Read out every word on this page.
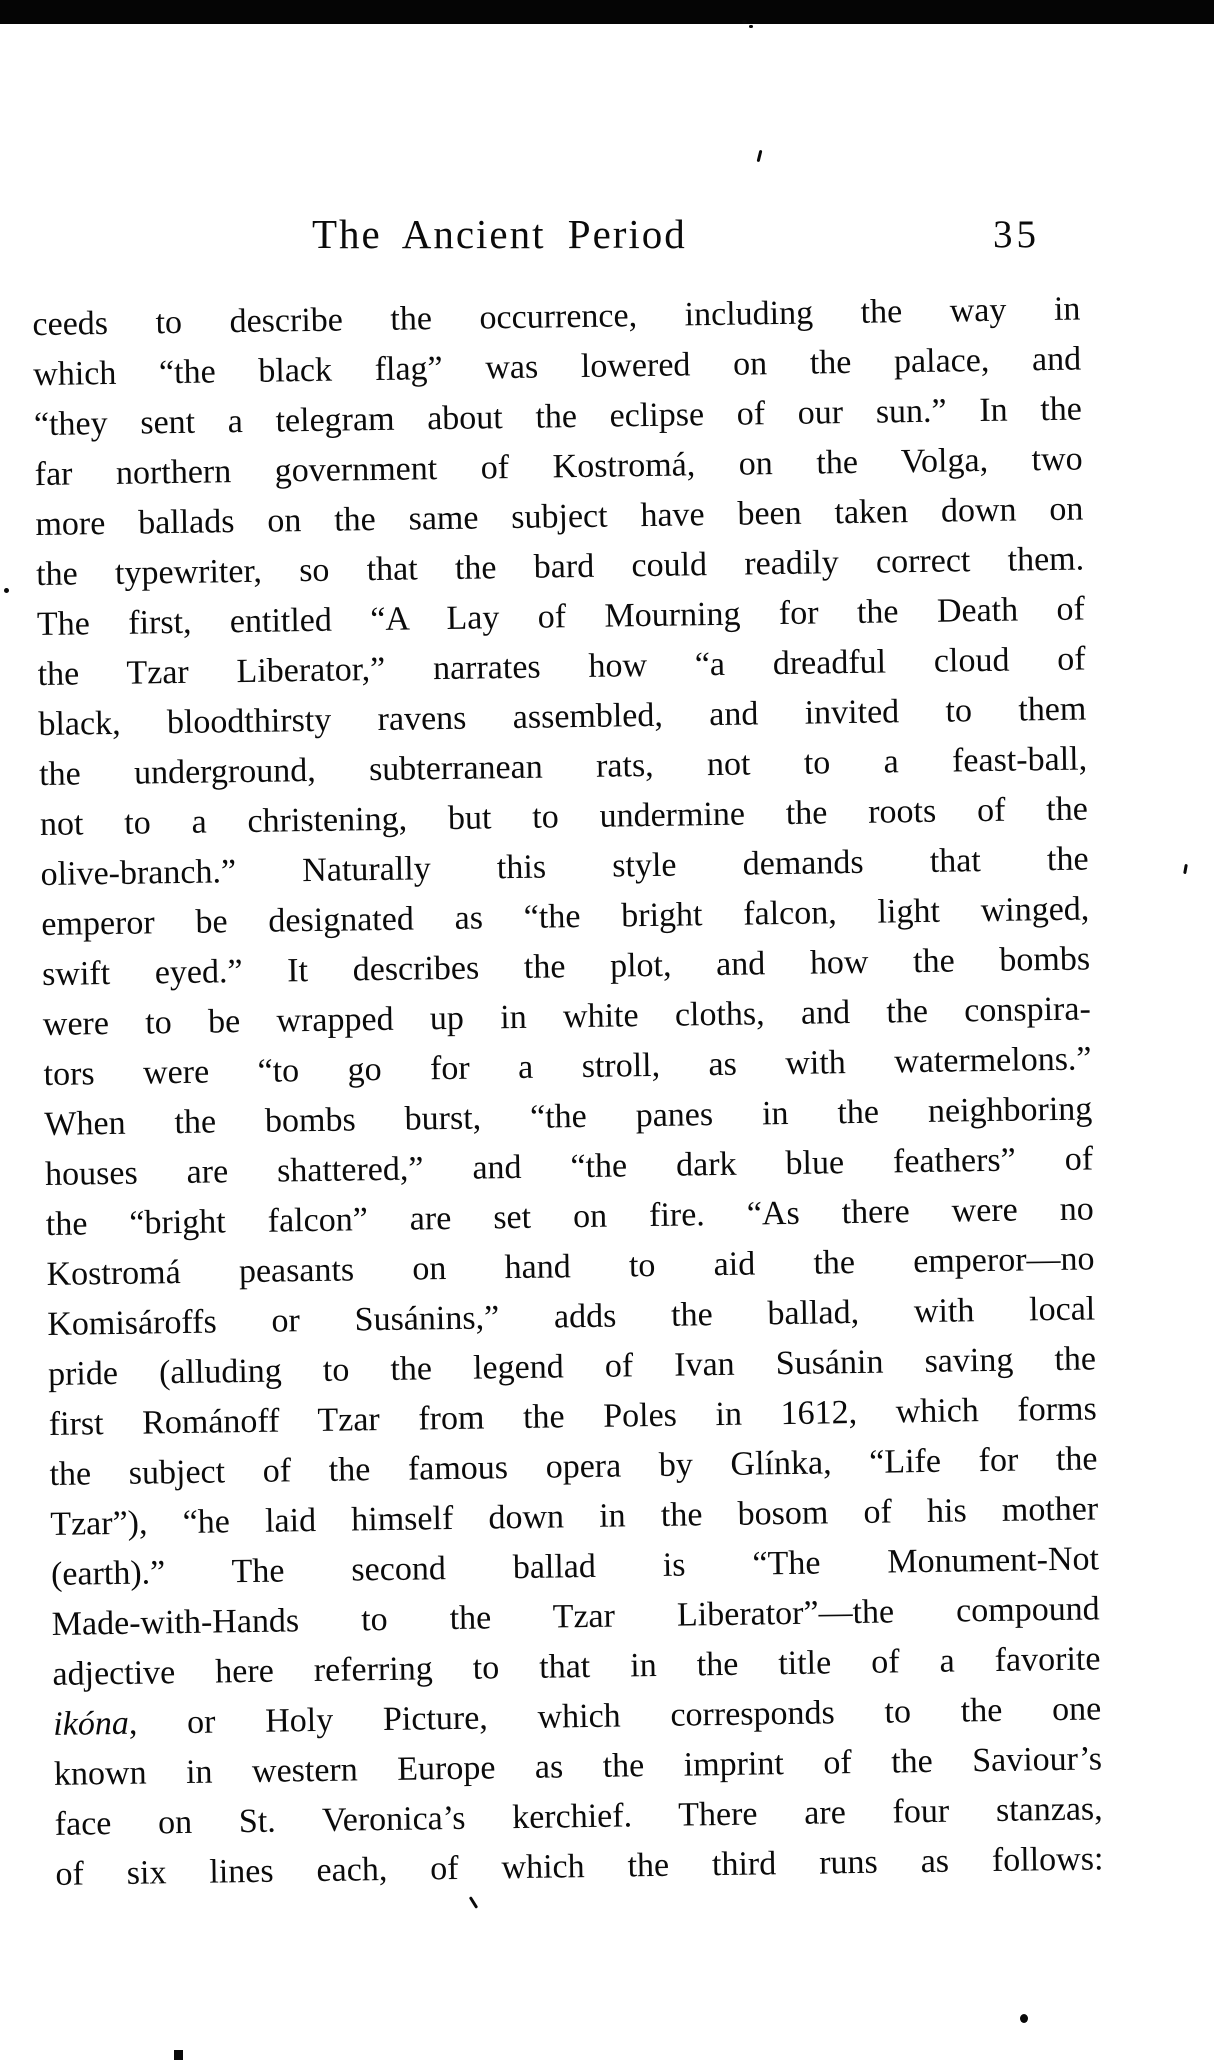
The Ancient Period	35
ceeds to describe the occurrence, including the way in
which “the black flag” was lowered on the palace, and
“they sent a telegram about the eclipse of our sun.” In the
far northern government of Kostromá, on the Volga, two
more ballads on the same subject have been taken down on
the typewriter, so that the bard could readily correct them.
The first, entitled “A Lay of Mourning for the Death of
the Tzar Liberator,” narrates how “a dreadful cloud of
black, bloodthirsty ravens assembled, and invited to them
the underground, subterranean rats, not to a feast-ball,
not to a christening, but to undermine the roots of the
olive-branch.” Naturally this style demands that the
emperor be designated as “the bright falcon, light winged,
swift eyed.” It describes the plot, and how the bombs
were to be wrapped up in white cloths, and the conspira-
tors were “to go for a stroll, as with watermelons.”
When the bombs burst, “the panes in the neighboring
houses are shattered,” and “the dark blue feathers” of
the “bright falcon” are set on fire. “As there were no
Kostromá peasants on hand to aid the emperor—no
Komisároffs or Susánins,” adds the ballad, with local
pride (alluding to the legend of Ivan Susánin saving the
first Románoff Tzar from the Poles in 1612, which forms
the subject of the famous opera by Glínka, “Life for the
Tzar”), “he laid himself down in the bosom of his mother
(earth).” The second ballad is “The Monument-Not
Made-with-Hands to the Tzar Liberator”—the compound
adjective here referring to that in the title of a favorite
ikóna, or Holy Picture, which corresponds to the one
known in western Europe as the imprint of the Saviour’s
face on St. Veronica’s kerchief. There are four stanzas,
of six lines each, of which the third runs as follows:
